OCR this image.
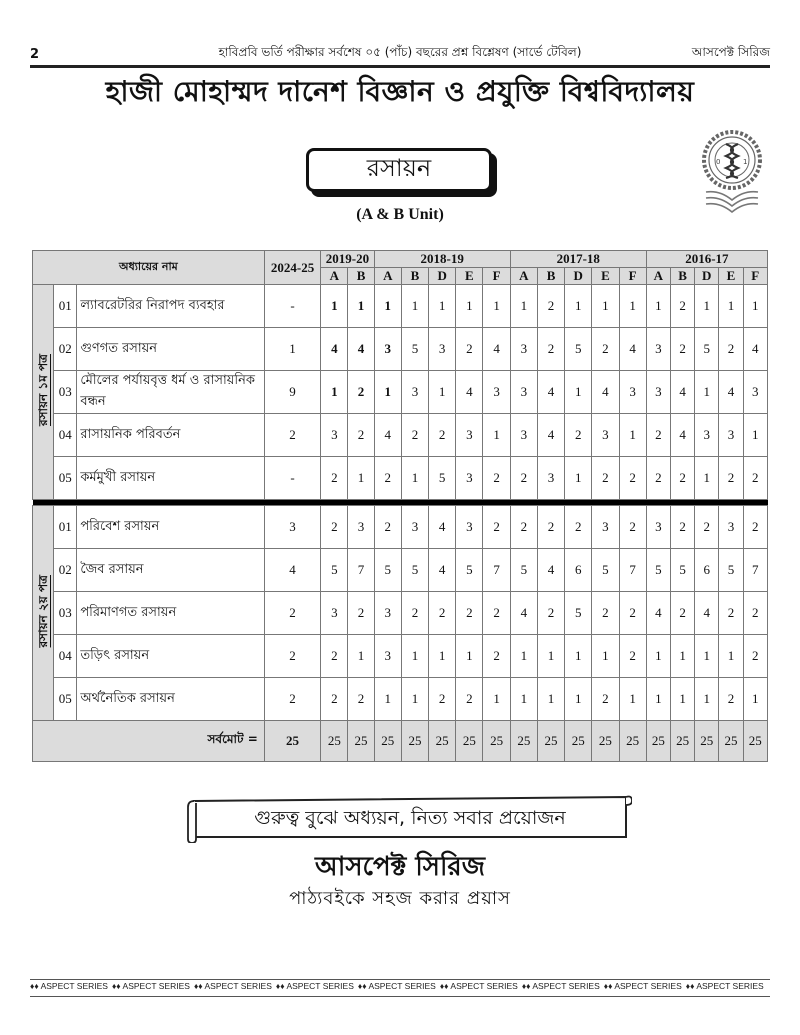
2	হাবিপ্রবি ভর্তি পরীক্ষার সর্বশেষ ০৫ (পাঁচ) বছরের প্রশ্ন বিশ্লেষণ (সার্ভে টেবিল)	আসপেক্ট সিরিজ
হাজী মোহাম্মদ দানেশ বিজ্ঞান ও প্রযুক্তি বিশ্ববিদ্যালয়
রসায়ন
(A & B Unit)
0	1
অধ্যায়ের নাম			2024-25	2019-20		2018-19					2017-18					2016-17				
				A	B	A	B	D	E	F	A	B	D	E	F	A	B	D	E	F
রসায়ন ১ম পত্র	01	ল্যাবরেটরির নিরাপদ ব্যবহার	-	1	1	1	1	1	1	1	1	2	1	1	1	1	2	1	1	1
	02	গুণগত রসায়ন	1	4	4	3	5	3	2	4	3	2	5	2	4	3	2	5	2	4
	03	মৌলের পর্যায়বৃত্ত ধর্ম ও রাসায়নিক বন্ধন	9	1	2	1	3	1	4	3	3	4	1	4	3	3	4	1	4	3
	04	রাসায়নিক পরিবর্তন	2	3	2	4	2	2	3	1	3	4	2	3	1	2	4	3	3	1
	05	কর্মমুখী রসায়ন	-	2	1	2	1	5	3	2	2	3	1	2	2	2	2	1	2	2

রসায়ন ২য় পত্র	01	পরিবেশ রসায়ন	3	2	3	2	3	4	3	2	2	2	2	3	2	3	2	2	3	2
	02	জৈব রসায়ন	4	5	7	5	5	4	5	7	5	4	6	5	7	5	5	6	5	7
	03	পরিমাণগত রসায়ন	2	3	2	3	2	2	2	2	4	2	5	2	2	4	2	4	2	2
	04	তড়িৎ রসায়ন	2	2	1	3	1	1	1	2	1	1	1	1	2	1	1	1	1	2
	05	অর্থনৈতিক রসায়ন	2	2	2	1	1	2	2	1	1	1	1	2	1	1	1	1	2	1
সর্বমোট =			25	25	25	25	25	25	25	25	25	25	25	25	25	25	25	25	25	25
গুরুত্ব বুঝে অধ্যয়ন, নিত্য সবার প্রয়োজন
আসপেক্ট সিরিজ
পাঠ্যবইকে সহজ করার প্রয়াস
♦♦ ASPECT SERIES ♦♦ ASPECT SERIES ♦♦ ASPECT SERIES ♦♦ ASPECT SERIES ♦♦ ASPECT SERIES ♦♦ ASPECT SERIES ♦♦ ASPECT SERIES ♦♦ ASPECT SERIES ♦♦ ASPECT SERIES
